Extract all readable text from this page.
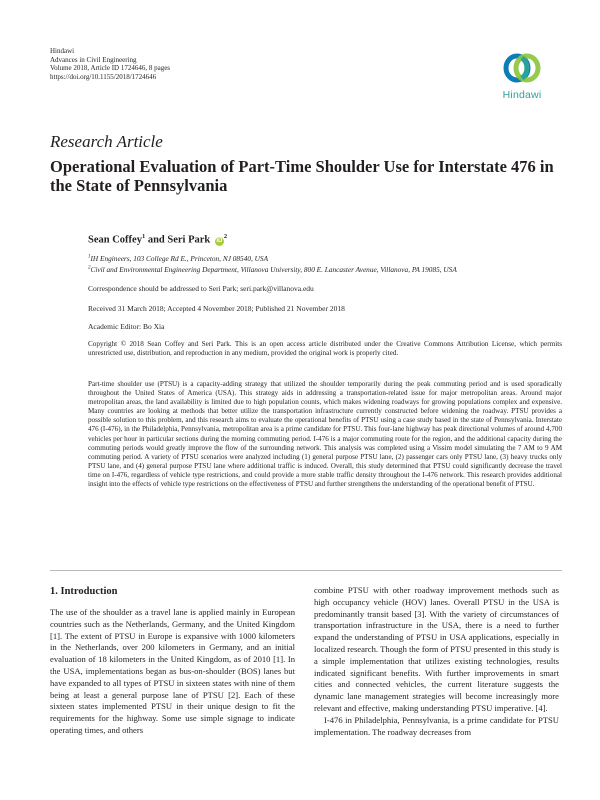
Hindawi
Advances in Civil Engineering
Volume 2018, Article ID 1724646, 8 pages
https://doi.org/10.1155/2018/1724646
Hindawi
Research Article
Operational Evaluation of Part-Time Shoulder Use for Interstate 476 in the State of Pennsylvania
Sean Coffey$^1$ and Seri Park $iD^2$
$^1$IH Engineers, 103 College Rd E., Princeton, NJ 08540, USA
$^2$Civil and Environmental Engineering Department, Villanova University, 800 E. Lancaster Avenue, Villanova, PA 19085, USA
Correspondence should be addressed to Seri Park; seri.park@villanova.edu
Received 31 March 2018; Accepted 4 November 2018; Published 21 November 2018
Academic Editor: Bo Xia
Copyright © 2018 Sean Coffey and Seri Park. This is an open access article distributed under the Creative Commons Attribution License, which permits unrestricted use, distribution, and reproduction in any medium, provided the original work is properly cited.
Part-time shoulder use (PTSU) is a capacity-adding strategy that utilized the shoulder temporarily during the peak commuting period and is used sporadically throughout the United States of America (USA). This strategy aids in addressing a transportation-related issue for major metropolitan areas. Around major metropolitan areas, the land availability is limited due to high population counts, which makes widening roadways for growing populations complex and expensive. Many countries are looking at methods that better utilize the transportation infrastructure currently constructed before widening the roadway. PTSU provides a possible solution to this problem, and this research aims to evaluate the operational benefits of PTSU using a case study based in the state of Pennsylvania. Interstate 476 (I-476), in the Philadelphia, Pennsylvania, metropolitan area is a prime candidate for PTSU. This four-lane highway has peak directional volumes of around 4,700 vehicles per hour in particular sections during the morning commuting period. I-476 is a major commuting route for the region, and the additional capacity during the commuting periods would greatly improve the flow of the surrounding network. This analysis was completed using a Vissim model simulating the 7 AM to 9 AM commuting period. A variety of PTSU scenarios were analyzed including (1) general purpose PTSU lane, (2) passenger cars only PTSU lane, (3) heavy trucks only PTSU lane, and (4) general purpose PTSU lane where additional traffic is induced. Overall, this study determined that PTSU could significantly decrease the travel time on I-476, regardless of vehicle type restrictions, and could provide a more stable traffic density throughout the I-476 network. This research provides additional insight into the effects of vehicle type restrictions on the effectiveness of PTSU and further strengthens the understanding of the operational benefit of PTSU.
1. Introduction

The use of the shoulder as a travel lane is applied mainly in European countries such as the Netherlands, Germany, and the United Kingdom [1]. The extent of PTSU in Europe is expansive with 1000 kilometers in the Netherlands, over 200 kilometers in Germany, and an initial evaluation of 18 kilometers in the United Kingdom, as of 2010 [1]. In the USA, implementations began as bus-on-shoulder (BOS) lanes but have expanded to all types of PTSU in sixteen states with nine of them being at least a general purpose lane of PTSU [2]. Each of these sixteen states implemented PTSU in their unique design to fit the requirements for the highway. Some use simple signage to indicate operating times, and others

combine PTSU with other roadway improvement methods such as high occupancy vehicle (HOV) lanes. Overall PTSU in the USA is predominantly transit based [3]. With the variety of circumstances of transportation infrastructure in the USA, there is a need to further expand the understanding of PTSU in USA applications, especially in localized research. Though the form of PTSU presented in this study is a simple implementation that utilizes existing technologies, results indicated significant benefits. With further improvements in smart cities and connected vehicles, the current literature suggests the dynamic lane management strategies will become increasingly more relevant and effective, making understanding PTSU imperative. [4].

I-476 in Philadelphia, Pennsylvania, is a prime candidate for PTSU implementation. The roadway decreases from
